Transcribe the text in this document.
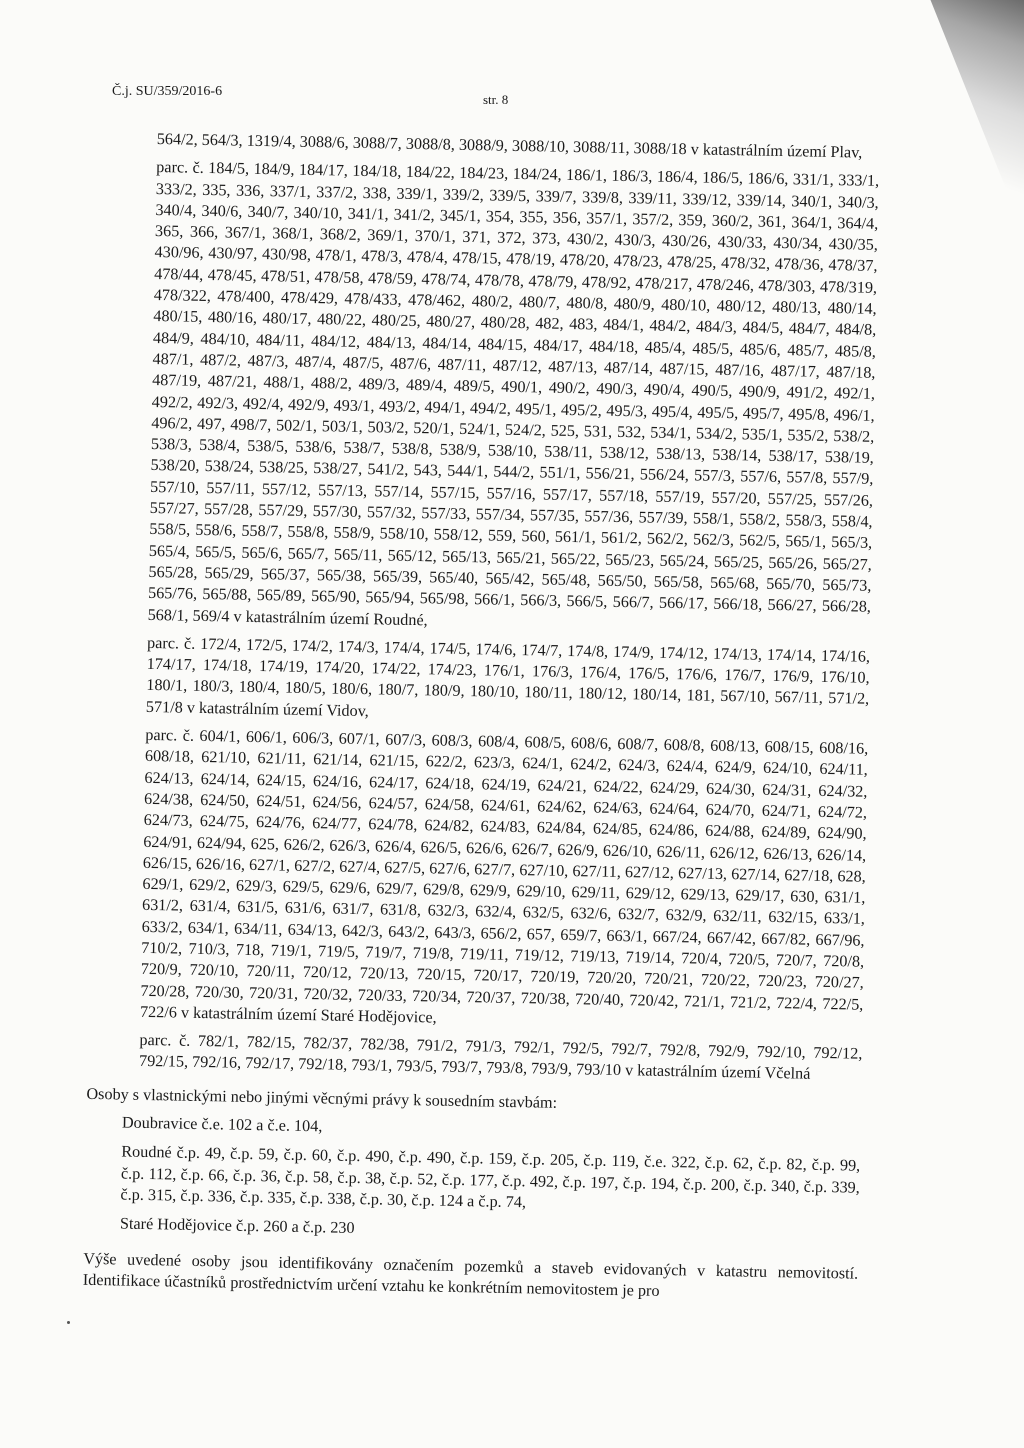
Č.j. SU/359/2016-6
str. 8

564/2, 564/3, 1319/4, 3088/6, 3088/7, 3088/8, 3088/9, 3088/10, 3088/11, 3088/18 v katastrálním území Plav,

parc. č. 184/5, 184/9, 184/17, 184/18, 184/22, 184/23, 184/24, 186/1, 186/3, 186/4, 186/5, 186/6, 331/1, 333/1, 333/2, 335, 336, 337/1, 337/2, 338, 339/1, 339/2, 339/5, 339/7, 339/8, 339/11, 339/12, 339/14, 340/1, 340/3, 340/4, 340/6, 340/7, 340/10, 341/1, 341/2, 345/1, 354, 355, 356, 357/1, 357/2, 359, 360/2, 361, 364/1, 364/4, 365, 366, 367/1, 368/1, 368/2, 369/1, 370/1, 371, 372, 373, 430/2, 430/3, 430/26, 430/33, 430/34, 430/35, 430/96, 430/97, 430/98, 478/1, 478/3, 478/4, 478/15, 478/19, 478/20, 478/23, 478/25, 478/32, 478/36, 478/37, 478/44, 478/45, 478/51, 478/58, 478/59, 478/74, 478/78, 478/79, 478/92, 478/217, 478/246, 478/303, 478/319, 478/322, 478/400, 478/429, 478/433, 478/462, 480/2, 480/7, 480/8, 480/9, 480/10, 480/12, 480/13, 480/14, 480/15, 480/16, 480/17, 480/22, 480/25, 480/27, 480/28, 482, 483, 484/1, 484/2, 484/3, 484/5, 484/7, 484/8, 484/9, 484/10, 484/11, 484/12, 484/13, 484/14, 484/15, 484/17, 484/18, 485/4, 485/5, 485/6, 485/7, 485/8, 487/1, 487/2, 487/3, 487/4, 487/5, 487/6, 487/11, 487/12, 487/13, 487/14, 487/15, 487/16, 487/17, 487/18, 487/19, 487/21, 488/1, 488/2, 489/3, 489/4, 489/5, 490/1, 490/2, 490/3, 490/4, 490/5, 490/9, 491/2, 492/1, 492/2, 492/3, 492/4, 492/9, 493/1, 493/2, 494/1, 494/2, 495/1, 495/2, 495/3, 495/4, 495/5, 495/7, 495/8, 496/1, 496/2, 497, 498/7, 502/1, 503/1, 503/2, 520/1, 524/1, 524/2, 525, 531, 532, 534/1, 534/2, 535/1, 535/2, 538/2, 538/3, 538/4, 538/5, 538/6, 538/7, 538/8, 538/9, 538/10, 538/11, 538/12, 538/13, 538/14, 538/17, 538/19, 538/20, 538/24, 538/25, 538/27, 541/2, 543, 544/1, 544/2, 551/1, 556/21, 556/24, 557/3, 557/6, 557/8, 557/9, 557/10, 557/11, 557/12, 557/13, 557/14, 557/15, 557/16, 557/17, 557/18, 557/19, 557/20, 557/25, 557/26, 557/27, 557/28, 557/29, 557/30, 557/32, 557/33, 557/34, 557/35, 557/36, 557/39, 558/1, 558/2, 558/3, 558/4, 558/5, 558/6, 558/7, 558/8, 558/9, 558/10, 558/12, 559, 560, 561/1, 561/2, 562/2, 562/3, 562/5, 565/1, 565/3, 565/4, 565/5, 565/6, 565/7, 565/11, 565/12, 565/13, 565/21, 565/22, 565/23, 565/24, 565/25, 565/26, 565/27, 565/28, 565/29, 565/37, 565/38, 565/39, 565/40, 565/42, 565/48, 565/50, 565/58, 565/68, 565/70, 565/73, 565/76, 565/88, 565/89, 565/90, 565/94, 565/98, 566/1, 566/3, 566/5, 566/7, 566/17, 566/18, 566/27, 566/28, 568/1, 569/4 v katastrálním území Roudné,

parc. č. 172/4, 172/5, 174/2, 174/3, 174/4, 174/5, 174/6, 174/7, 174/8, 174/9, 174/12, 174/13, 174/14, 174/16, 174/17, 174/18, 174/19, 174/20, 174/22, 174/23, 176/1, 176/3, 176/4, 176/5, 176/6, 176/7, 176/9, 176/10, 180/1, 180/3, 180/4, 180/5, 180/6, 180/7, 180/9, 180/10, 180/11, 180/12, 180/14, 181, 567/10, 567/11, 571/2, 571/8 v katastrálním území Vidov,

parc. č. 604/1, 606/1, 606/3, 607/1, 607/3, 608/3, 608/4, 608/5, 608/6, 608/7, 608/8, 608/13, 608/15, 608/16, 608/18, 621/10, 621/11, 621/14, 621/15, 622/2, 623/3, 624/1, 624/2, 624/3, 624/4, 624/9, 624/10, 624/11, 624/13, 624/14, 624/15, 624/16, 624/17, 624/18, 624/19, 624/21, 624/22, 624/29, 624/30, 624/31, 624/32, 624/38, 624/50, 624/51, 624/56, 624/57, 624/58, 624/61, 624/62, 624/63, 624/64, 624/70, 624/71, 624/72, 624/73, 624/75, 624/76, 624/77, 624/78, 624/82, 624/83, 624/84, 624/85, 624/86, 624/88, 624/89, 624/90, 624/91, 624/94, 625, 626/2, 626/3, 626/4, 626/5, 626/6, 626/7, 626/9, 626/10, 626/11, 626/12, 626/13, 626/14, 626/15, 626/16, 627/1, 627/2, 627/4, 627/5, 627/6, 627/7, 627/10, 627/11, 627/12, 627/13, 627/14, 627/18, 628, 629/1, 629/2, 629/3, 629/5, 629/6, 629/7, 629/8, 629/9, 629/10, 629/11, 629/12, 629/13, 629/17, 630, 631/1, 631/2, 631/4, 631/5, 631/6, 631/7, 631/8, 632/3, 632/4, 632/5, 632/6, 632/7, 632/9, 632/11, 632/15, 633/1, 633/2, 634/1, 634/11, 634/13, 642/3, 643/2, 643/3, 656/2, 657, 659/7, 663/1, 667/24, 667/42, 667/82, 667/96, 710/2, 710/3, 718, 719/1, 719/5, 719/7, 719/8, 719/11, 719/12, 719/13, 719/14, 720/4, 720/5, 720/7, 720/8, 720/9, 720/10, 720/11, 720/12, 720/13, 720/15, 720/17, 720/19, 720/20, 720/21, 720/22, 720/23, 720/27, 720/28, 720/30, 720/31, 720/32, 720/33, 720/34, 720/37, 720/38, 720/40, 720/42, 721/1, 721/2, 722/4, 722/5, 722/6 v katastrálním území Staré Hodějovice,

parc. č. 782/1, 782/15, 782/37, 782/38, 791/2, 791/3, 792/1, 792/5, 792/7, 792/8, 792/9, 792/10, 792/12, 792/15, 792/16, 792/17, 792/18, 793/1, 793/5, 793/7, 793/8, 793/9, 793/10 v katastrálním území Včelná

Osoby s vlastnickými nebo jinými věcnými právy k sousedním stavbám:

Doubravice č.e. 102 a č.e. 104,

Roudné č.p. 49, č.p. 59, č.p. 60, č.p. 490, č.p. 490, č.p. 159, č.p. 205, č.p. 119, č.e. 322, č.p. 62, č.p. 82, č.p. 99, č.p. 112, č.p. 66, č.p. 36, č.p. 58, č.p. 38, č.p. 52, č.p. 177, č.p. 492, č.p. 197, č.p. 194, č.p. 200, č.p. 340, č.p. 339, č.p. 315, č.p. 336, č.p. 335, č.p. 338, č.p. 30, č.p. 124 a č.p. 74,

Staré Hodějovice č.p. 260 a č.p. 230

Výše uvedené osoby jsou identifikovány označením pozemků a staveb evidovaných v katastru nemovitostí. Identifikace účastníků prostřednictvím určení vztahu ke konkrétním nemovitostem je pro
